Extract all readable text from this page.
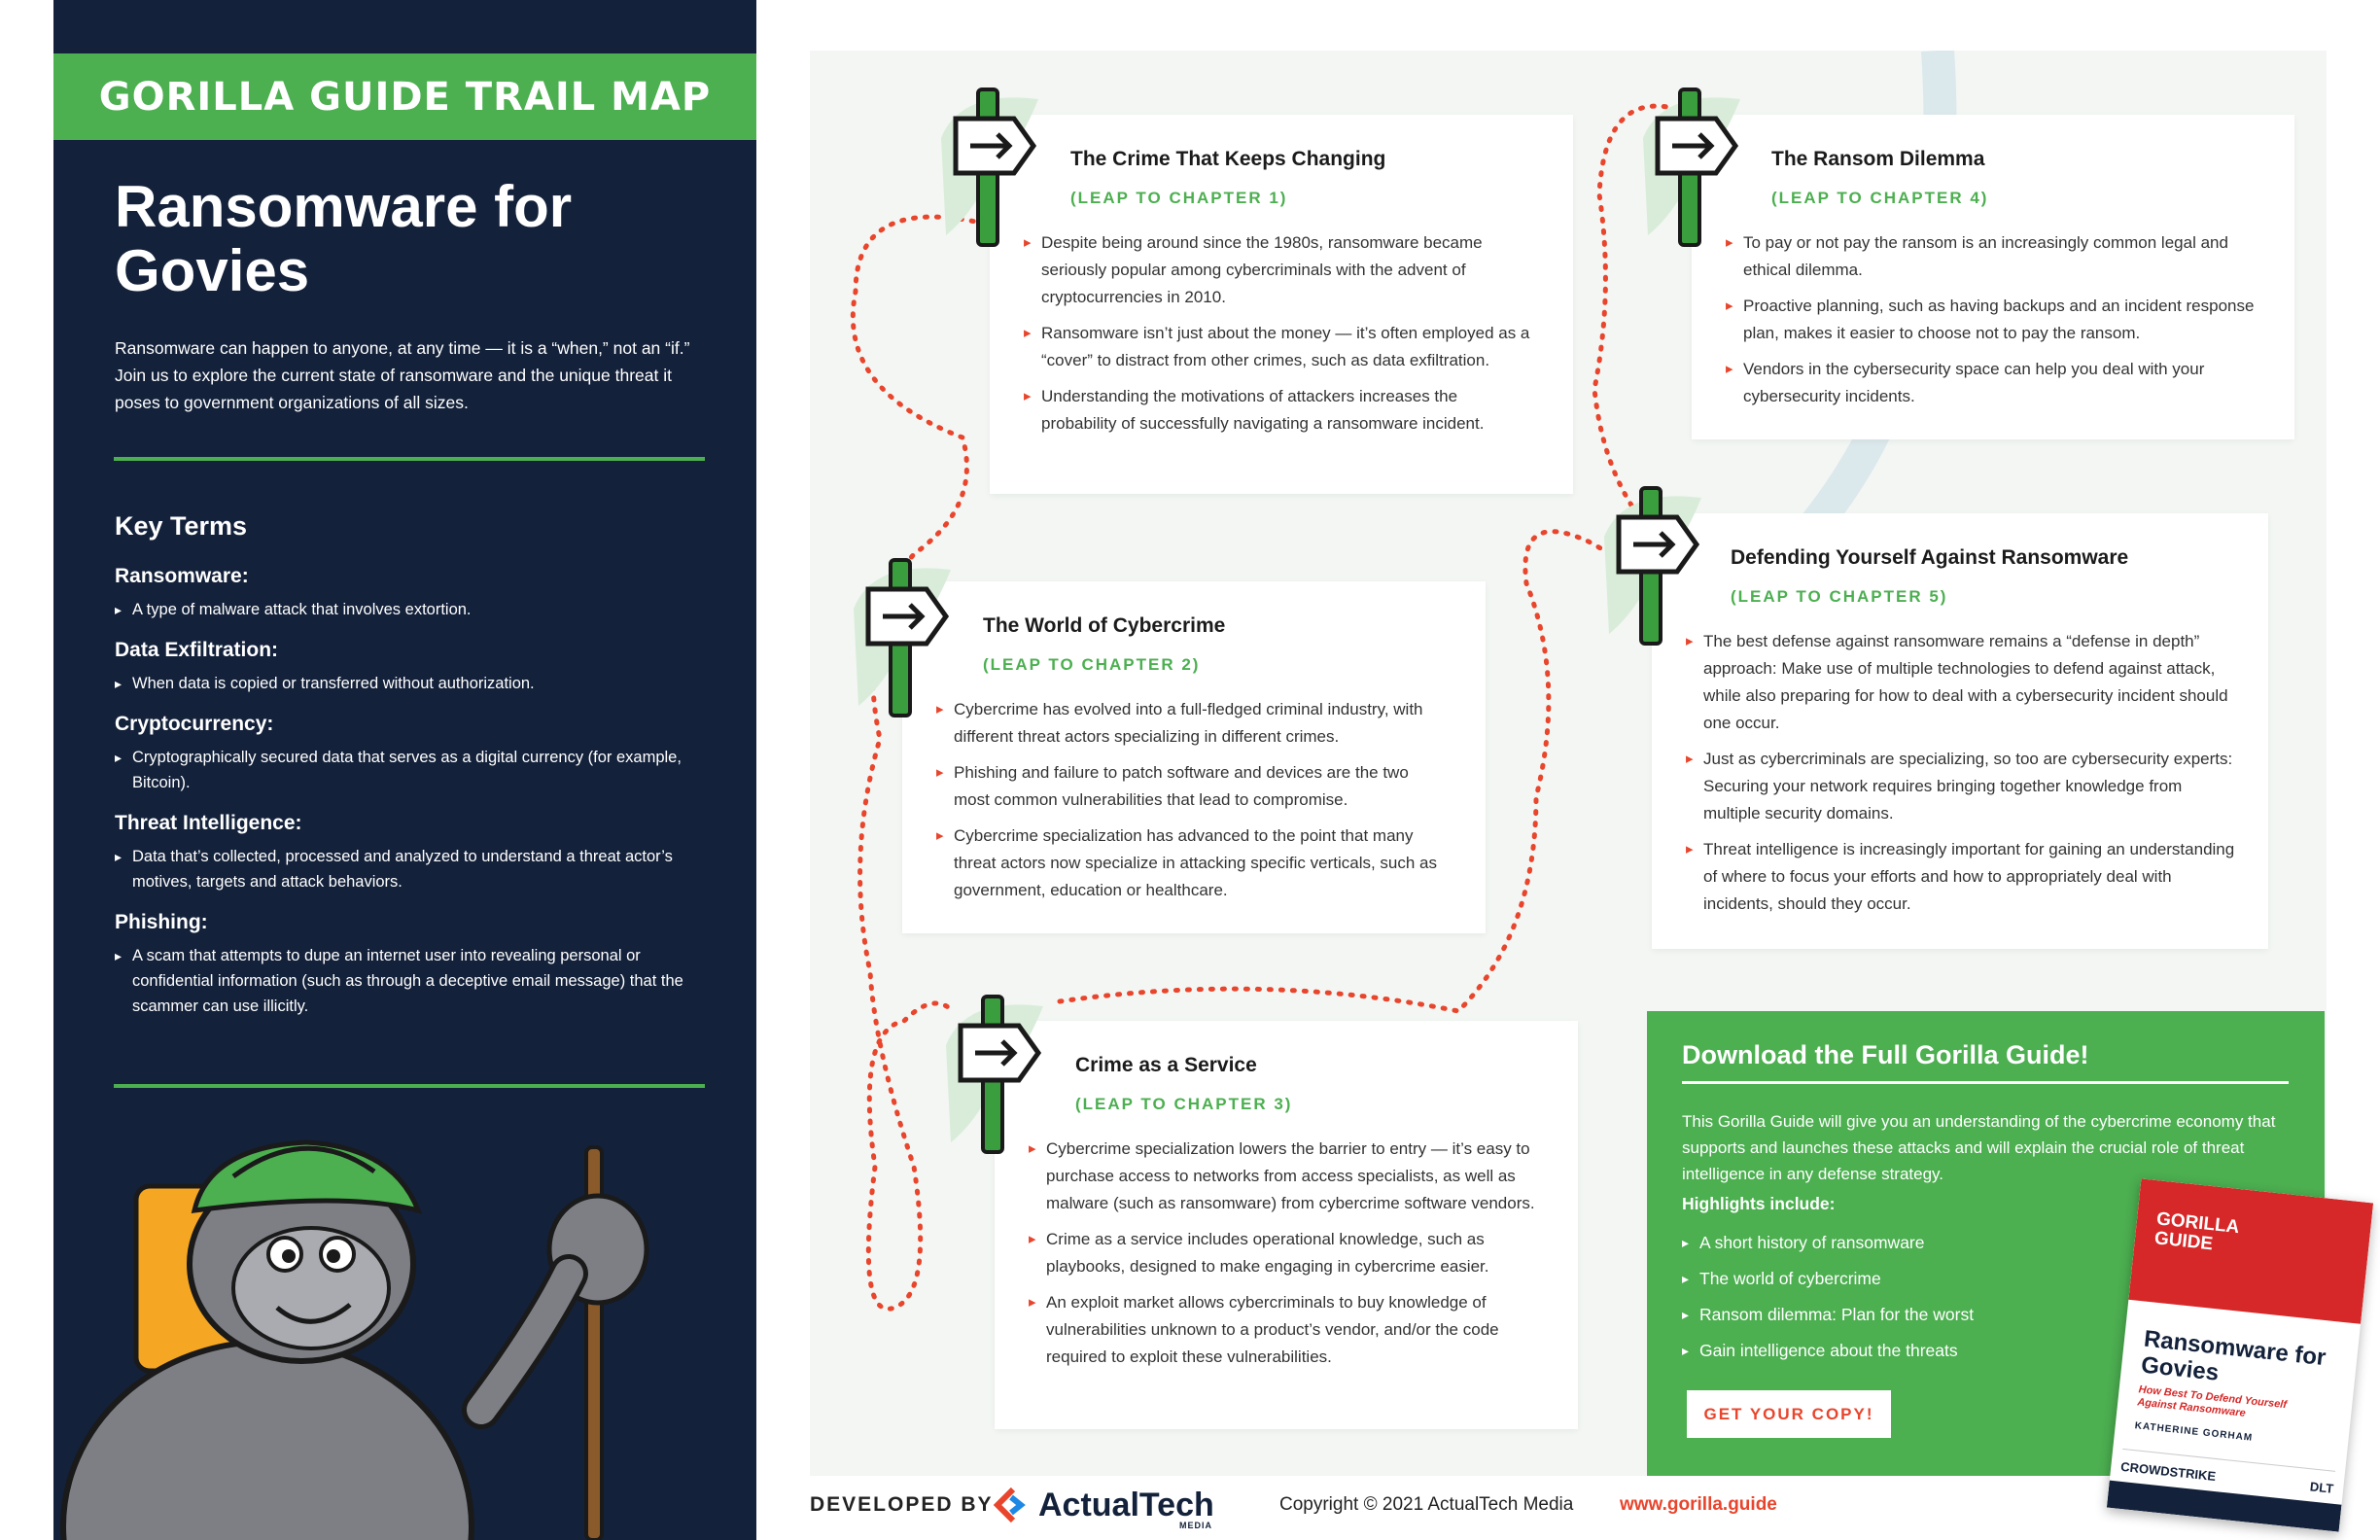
GORILLA GUIDE TRAIL MAP
Ransomware for Govies
Ransomware can happen to anyone, at any time — it is a “when,” not an “if.” Join us to explore the current state of ransomware and the unique threat it poses to government organizations of all sizes.
Key Terms
Ransomware:
▸ A type of malware attack that involves extortion.
Data Exfiltration:
▸ When data is copied or transferred without authorization.
Cryptocurrency:
▸ Cryptographically secured data that serves as a digital currency (for example, Bitcoin).
Threat Intelligence:
▸ Data that’s collected, processed and analyzed to understand a threat actor’s motives, targets and attack behaviors.
Phishing:
▸ A scam that attempts to dupe an internet user into revealing personal or confidential information (such as through a deceptive email message) that the scammer can use illicitly.
The Crime That Keeps Changing
(LEAP TO CHAPTER 1)
▸ Despite being around since the 1980s, ransomware became seriously popular among cybercriminals with the advent of cryptocurrencies in 2010.
▸ Ransomware isn’t just about the money — it’s often employed as a “cover” to distract from other crimes, such as data exfiltration.
▸ Understanding the motivations of attackers increases the probability of successfully navigating a ransomware incident.
The World of Cybercrime
(LEAP TO CHAPTER 2)
▸ Cybercrime has evolved into a full-fledged criminal industry, with different threat actors specializing in different crimes.
▸ Phishing and failure to patch software and devices are the two most common vulnerabilities that lead to compromise.
▸ Cybercrime specialization has advanced to the point that many threat actors now specialize in attacking specific verticals, such as government, education or healthcare.
Crime as a Service
(LEAP TO CHAPTER 3)
▸ Cybercrime specialization lowers the barrier to entry — it’s easy to purchase access to networks from access specialists, as well as malware (such as ransomware) from cybercrime software vendors.
▸ Crime as a service includes operational knowledge, such as playbooks, designed to make engaging in cybercrime easier.
▸ An exploit market allows cybercriminals to buy knowledge of vulnerabilities unknown to a product’s vendor, and/or the code required to exploit these vulnerabilities.
The Ransom Dilemma
(LEAP TO CHAPTER 4)
▸ To pay or not pay the ransom is an increasingly common legal and ethical dilemma.
▸ Proactive planning, such as having backups and an incident response plan, makes it easier to choose not to pay the ransom.
▸ Vendors in the cybersecurity space can help you deal with your cybersecurity incidents.
Defending Yourself Against Ransomware
(LEAP TO CHAPTER 5)
▸ The best defense against ransomware remains a “defense in depth” approach: Make use of multiple technologies to defend against attack, while also preparing for how to deal with a cybersecurity incident should one occur.
▸ Just as cybercriminals are specializing, so too are cybersecurity experts: Securing your network requires bringing together knowledge from multiple security domains.
▸ Threat intelligence is increasingly important for gaining an understanding of where to focus your efforts and how to appropriately deal with incidents, should they occur.
Download the Full Gorilla Guide!
This Gorilla Guide will give you an understanding of the cybercrime economy that supports and launches these attacks and will explain the crucial role of threat intelligence in any defense strategy.
Highlights include:
▸ A short history of ransomware
▸ The world of cybercrime
▸ Ransom dilemma: Plan for the worst
▸ Gain intelligence about the threats
GET YOUR COPY!
GORILLA GUIDE
Ransomware for Govies
How Best To Defend Yourself Against Ransomware
KATHERINE GORHAM
CROWDSTRIKE
DLT
DEVELOPED BY ActualTech
MEDIA
Copyright © 2021 ActualTech Media	www.gorilla.guide
